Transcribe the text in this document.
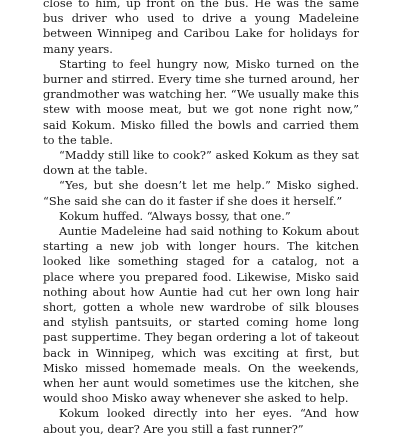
close to him, up front on the bus. He was the same bus driver who used to drive a young Madeleine between Winnipeg and Caribou Lake for holidays for many years.

Starting to feel hungry now, Misko turned on the burner and stirred. Every time she turned around, her grandmother was watching her. “We usually make this stew with moose meat, but we got none right now,” said Kokum. Misko filled the bowls and carried them to the table.

“Maddy still like to cook?” asked Kokum as they sat down at the table.

“Yes, but she doesn’t let me help.” Misko sighed. “She said she can do it faster if she does it herself.”

Kokum huffed. “Always bossy, that one.”

Auntie Madeleine had said nothing to Kokum about starting a new job with longer hours. The kitchen looked like something staged for a catalog, not a place where you prepared food. Likewise, Misko said nothing about how Auntie had cut her own long hair short, gotten a whole new wardrobe of silk blouses and stylish pantsuits, or started coming home long past suppertime. They began ordering a lot of takeout back in Winnipeg, which was exciting at first, but Misko missed homemade meals. On the weekends, when her aunt would sometimes use the kitchen, she would shoo Misko away whenever she asked to help.

Kokum looked directly into her eyes. “And how about you, dear? Are you still a fast runner?”
